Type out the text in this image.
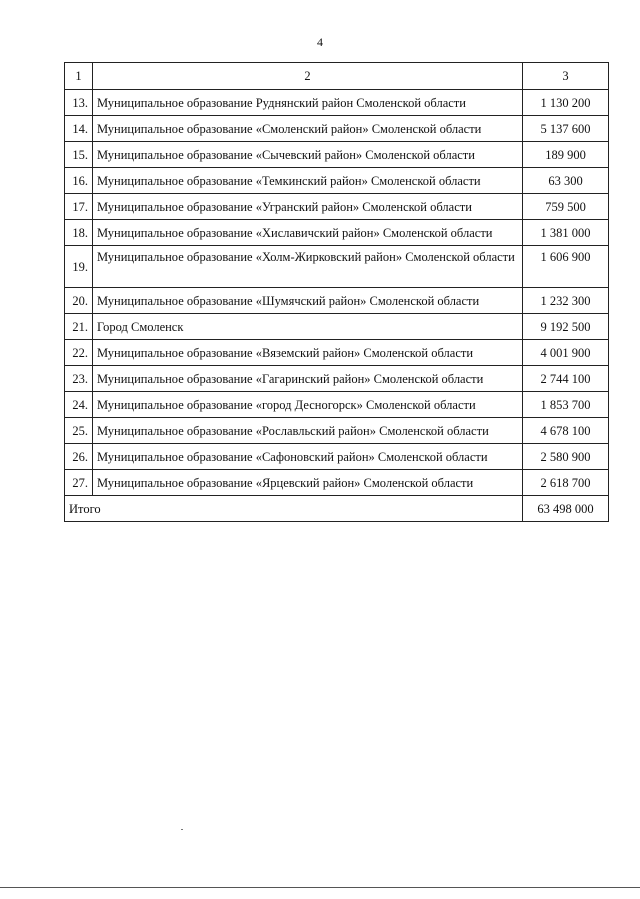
4
1	2	3
13.	Муниципальное образование Руднянский район Смоленской области	1 130 200
14.	Муниципальное образование «Смоленский район» Смоленской области	5 137 600
15.	Муниципальное образование «Сычевский район» Смоленской области	189 900
16.	Муниципальное образование «Темкинский район» Смоленской области	63 300
17.	Муниципальное образование «Угранский район» Смоленской области	759 500
18.	Муниципальное образование «Хиславичский район» Смоленской области	1 381 000
19.	Муниципальное образование «Холм-Жирковский район» Смоленской области	1 606 900
20.	Муниципальное образование «Шумячский район» Смоленской области	1 232 300
21.	Город Смоленск	9 192 500
22.	Муниципальное образование «Вяземский район» Смоленской области	4 001 900
23.	Муниципальное образование «Гагаринский район» Смоленской области	2 744 100
24.	Муниципальное образование «город Десногорск» Смоленской области	1 853 700
25.	Муниципальное образование «Рославльский район» Смоленской области	4 678 100
26.	Муниципальное образование «Сафоновский район» Смоленской области	2 580 900
27.	Муниципальное образование «Ярцевский район» Смоленской области	2 618 700
Итого		63 498 000
